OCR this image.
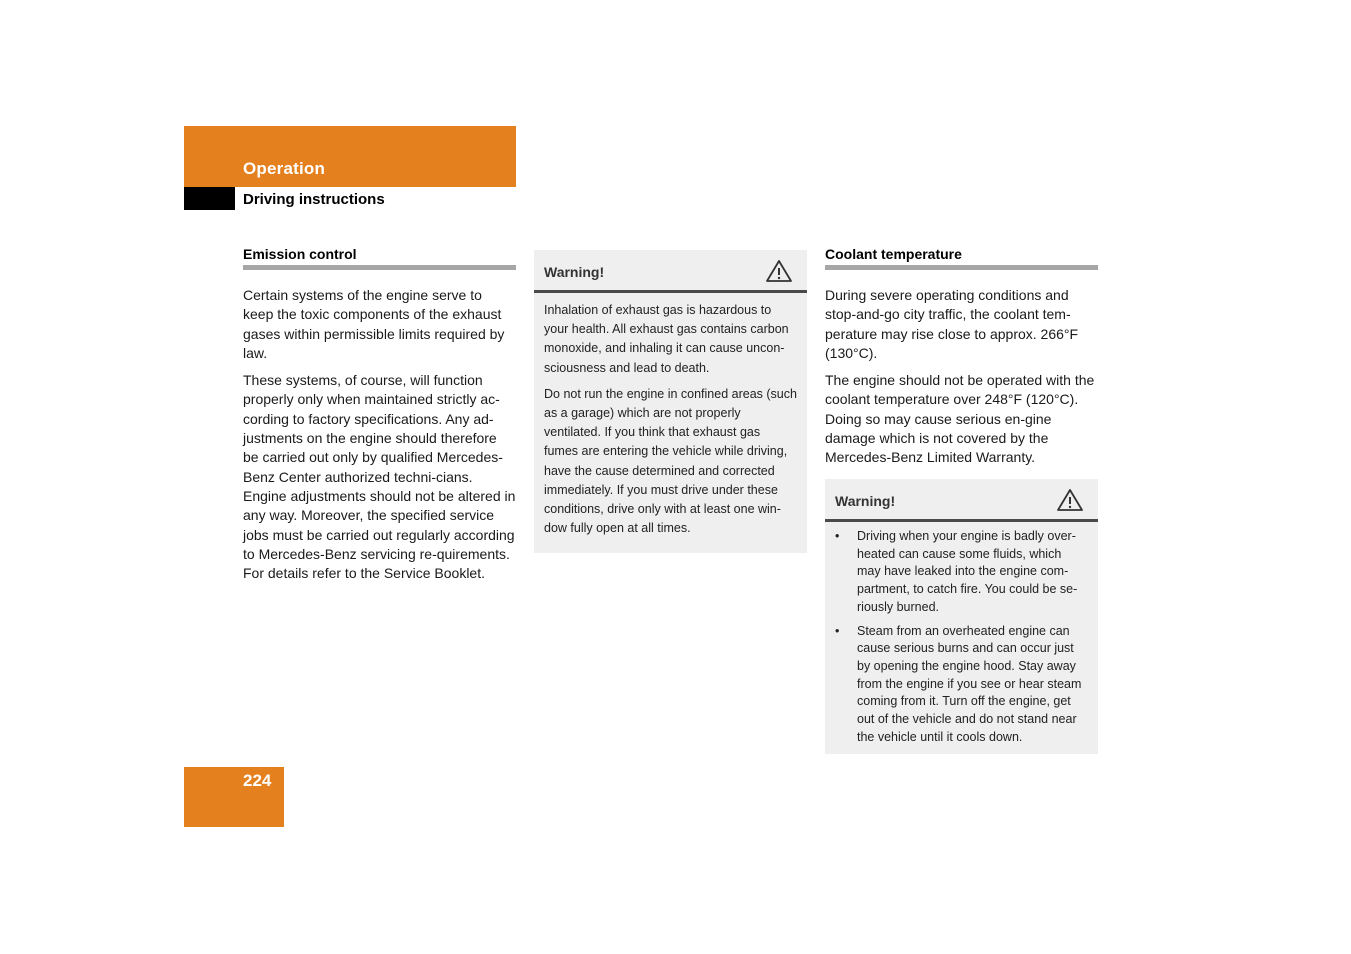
Operation
Driving instructions
Emission control

Certain systems of the engine serve to keep the toxic components of the exhaust gases within permissible limits required by law.

These systems, of course, will function properly only when maintained strictly ac-cording to factory specifications. Any ad-justments on the engine should therefore be carried out only by qualified Mercedes-Benz Center authorized techni-cians. Engine adjustments should not be altered in any way. Moreover, the specified service jobs must be carried out regularly according to Mercedes-Benz servicing re-quirements. For details refer to the Service Booklet.

Warning!

Inhalation of exhaust gas is hazardous to your health. All exhaust gas contains carbon monoxide, and inhaling it can cause uncon-sciousness and lead to death.

Do not run the engine in confined areas (such as a garage) which are not properly ventilated. If you think that exhaust gas fumes are entering the vehicle while driving, have the cause determined and corrected immediately. If you must drive under these conditions, drive only with at least one win-dow fully open at all times.

Coolant temperature

During severe operating conditions and stop-and-go city traffic, the coolant tem-perature may rise close to approx. 266°F (130°C).

The engine should not be operated with the coolant temperature over 248°F (120°C). Doing so may cause serious en-gine damage which is not covered by the Mercedes-Benz Limited Warranty.

Warning!
•	Driving when your engine is badly over-heated can cause some fluids, which may have leaked into the engine com-partment, to catch fire. You could be se-riously burned.
•	Steam from an overheated engine can cause serious burns and can occur just by opening the engine hood. Stay away from the engine if you see or hear steam coming from it. Turn off the engine, get out of the vehicle and do not stand near the vehicle until it cools down.
224
